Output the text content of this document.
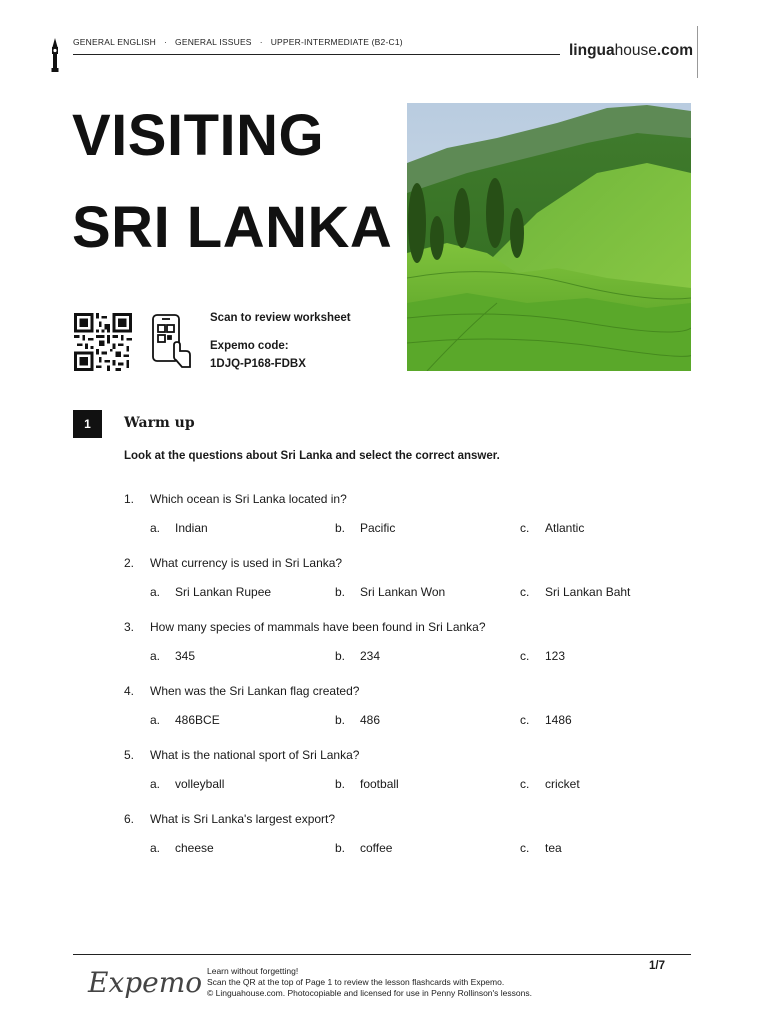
GENERAL ENGLISH · GENERAL ISSUES · UPPER-INTERMEDIATE (B2-C1)	linguahouse.com
VISITING
SRI LANKA
Scan to review worksheet
Expemo code:
1DJQ-P168-FDBX
1	Warm up
Look at the questions about Sri Lanka and select the correct answer.
1. Which ocean is Sri Lanka located in?
a. Indian	b. Pacific	c. Atlantic
2. What currency is used in Sri Lanka?
a. Sri Lankan Rupee	b. Sri Lankan Won	c. Sri Lankan Baht
3. How many species of mammals have been found in Sri Lanka?
a. 345	b. 234	c. 123
4. When was the Sri Lankan flag created?
a. 486BCE	b. 486	c. 1486
5. What is the national sport of Sri Lanka?
a. volleyball	b. football	c. cricket
6. What is Sri Lanka's largest export?
a. cheese	b. coffee	c. tea
Expemo Learn without forgetting!
Scan the QR at the top of Page 1 to review the lesson flashcards with Expemo.
© Linguahouse.com. Photocopiable and licensed for use in Penny Rollinson's lessons.
1/7
